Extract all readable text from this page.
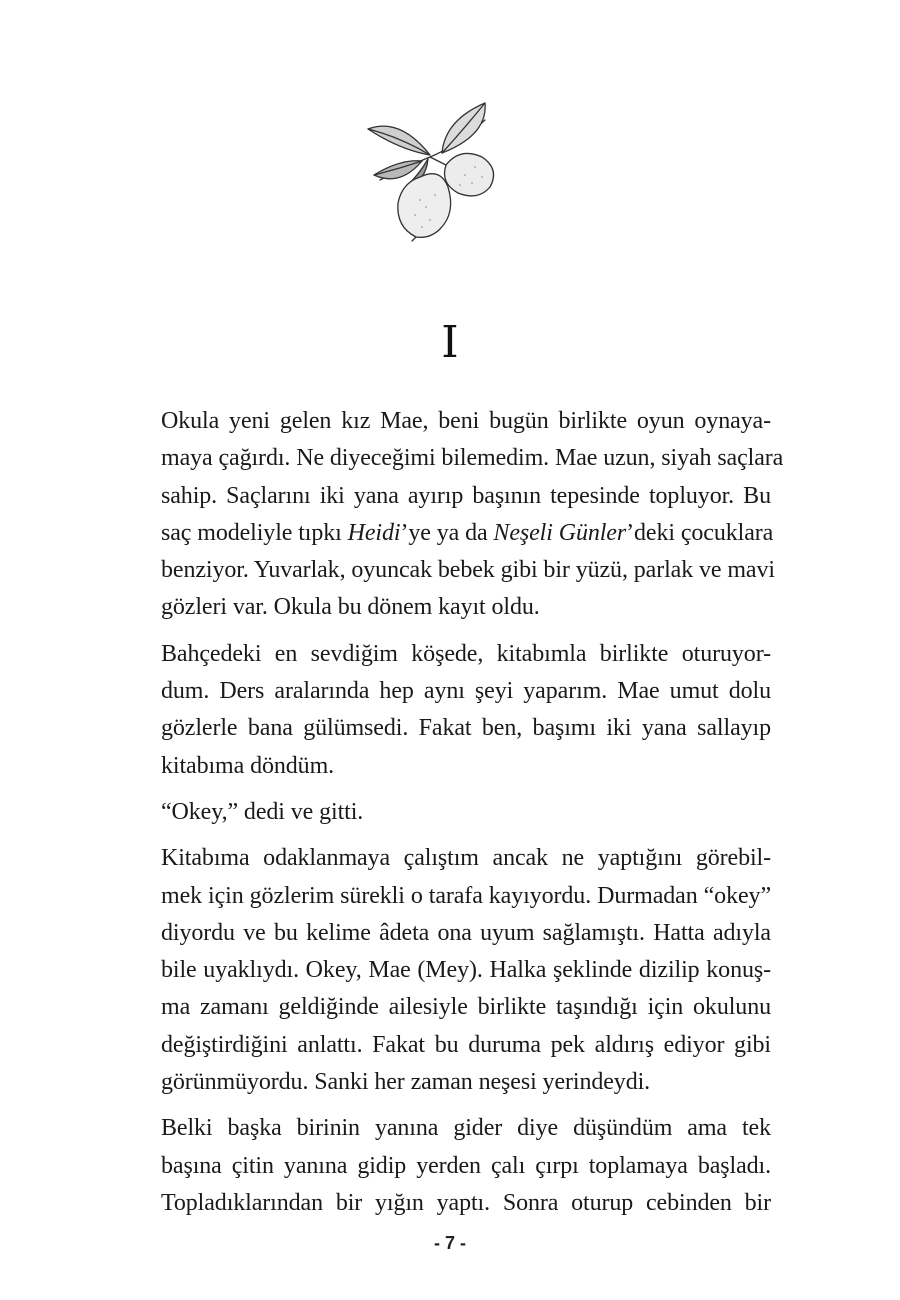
I
Okula yeni gelen kız Mae, beni bugün birlikte oyun oynaya-
maya çağırdı. Ne diyeceğimi bilemedim. Mae uzun, siyah saçlara
sahip. Saçlarını iki yana ayırıp başının tepesinde topluyor. Bu
saç modeliyle tıpkı Heidi’ye ya da Neşeli Günler’deki çocuklara
benziyor. Yuvarlak, oyuncak bebek gibi bir yüzü, parlak ve mavi
gözleri var. Okula bu dönem kayıt oldu.
Bahçedeki en sevdiğim köşede, kitabımla birlikte oturuyor-
dum. Ders aralarında hep aynı şeyi yaparım. Mae umut dolu
gözlerle bana gülümsedi. Fakat ben, başımı iki yana sallayıp
kitabıma döndüm.
“Okey,” dedi ve gitti.
Kitabıma odaklanmaya çalıştım ancak ne yaptığını görebil-
mek için gözlerim sürekli o tarafa kayıyordu. Durmadan “okey”
diyordu ve bu kelime âdeta ona uyum sağlamıştı. Hatta adıyla
bile uyaklıydı. Okey, Mae (Mey). Halka şeklinde dizilip konuş-
ma zamanı geldiğinde ailesiyle birlikte taşındığı için okulunu
değiştirdiğini anlattı. Fakat bu duruma pek aldırış ediyor gibi
görünmüyordu. Sanki her zaman neşesi yerindeydi.
Belki başka birinin yanına gider diye düşündüm ama tek
başına çitin yanına gidip yerden çalı çırpı toplamaya başladı.
Topladıklarından bir yığın yaptı. Sonra oturup cebinden bir
- 7 -
